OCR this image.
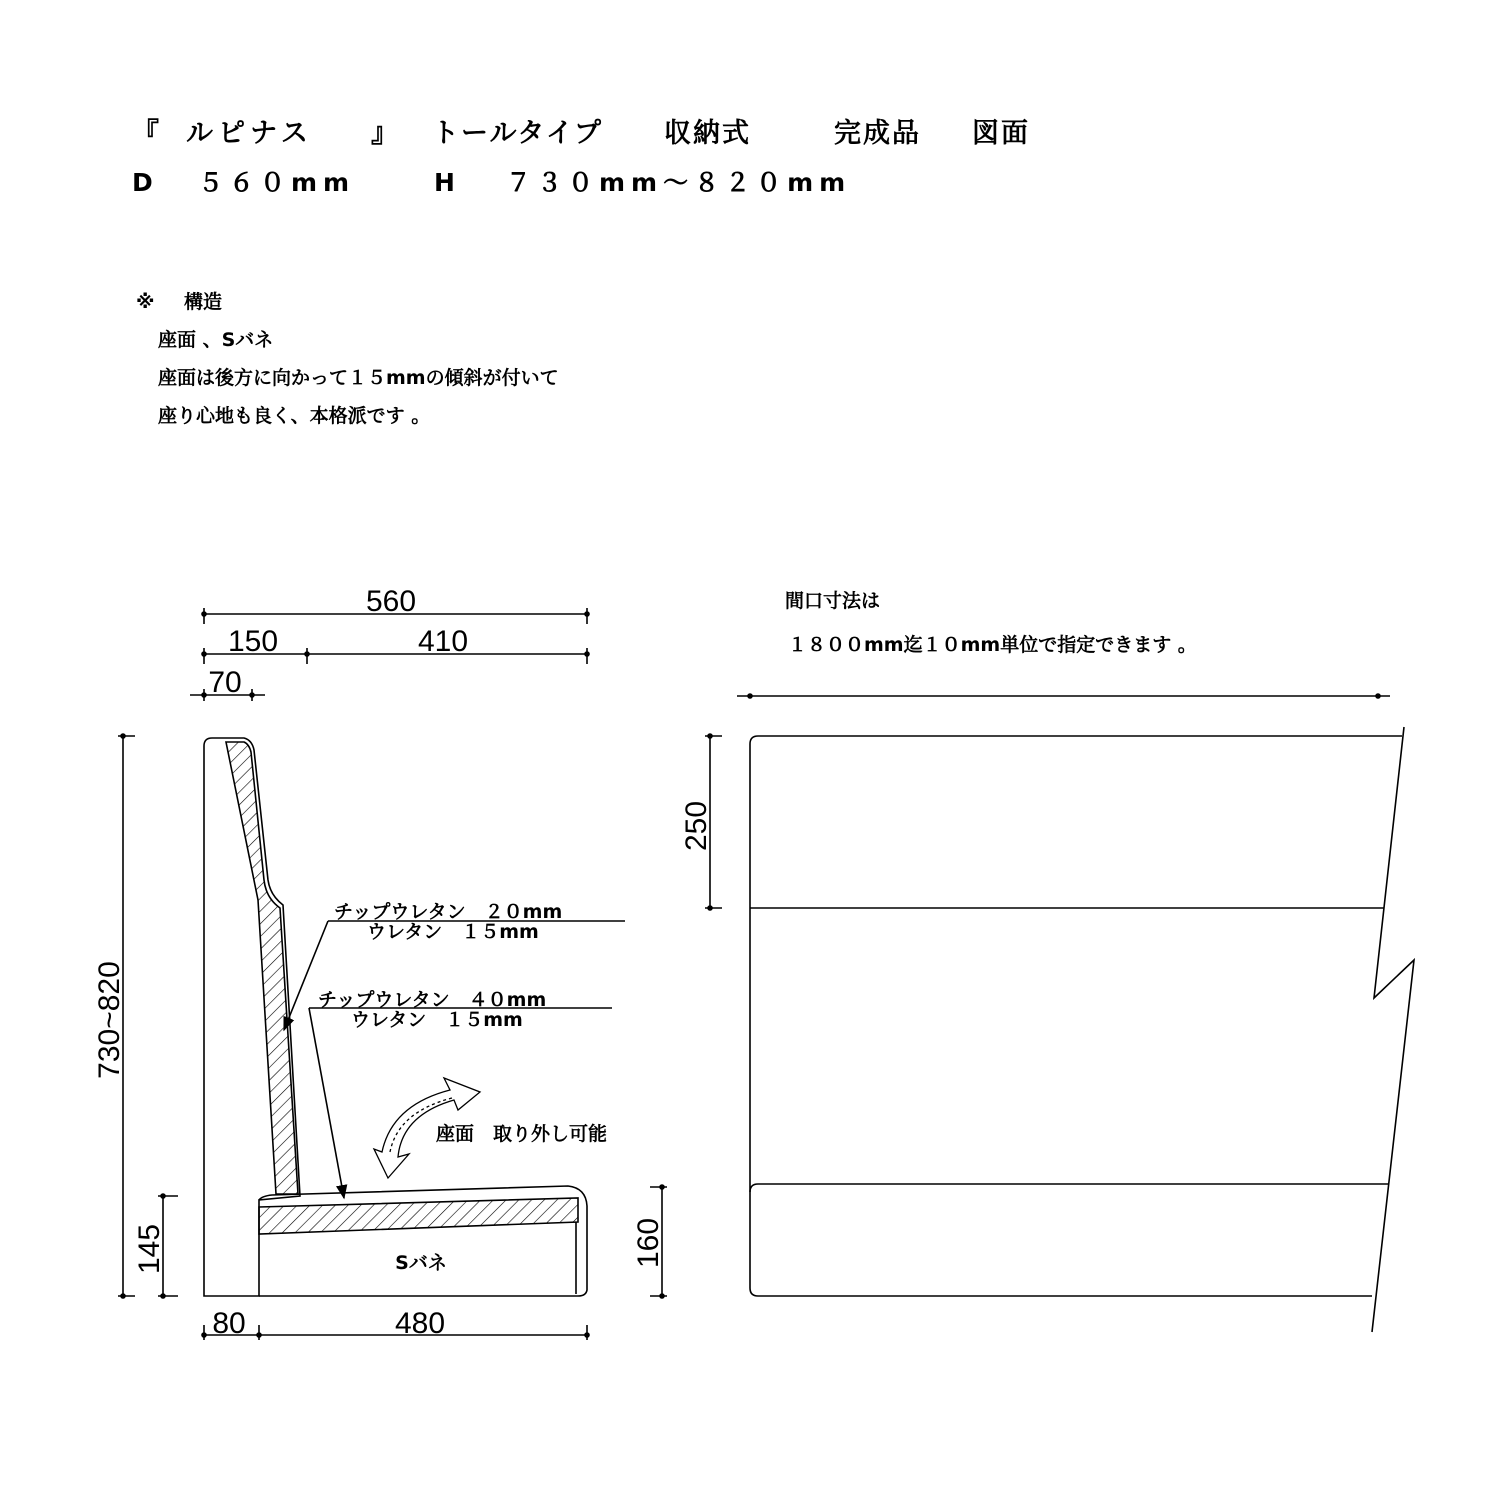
『 ルピナス 』 トールタイプ 収納式	完成品 図面
D ５６０mm	H ７３０mm～８２０mm
※ 構造
座面 、Sバネ
座面は後方に向かって１５mmの傾斜が付いて
座り心地も良く、本格派です 。
間口寸法は
１８００mm迄１０mm単位で指定できます 。
560
150	410
70
730~820
145	160
80	480
250
チップウレタン　２０mm
ウレタン　１５mm
チップウレタン　４０mm
ウレタン　１５mm
座面　取り外し可能
Sバネ
